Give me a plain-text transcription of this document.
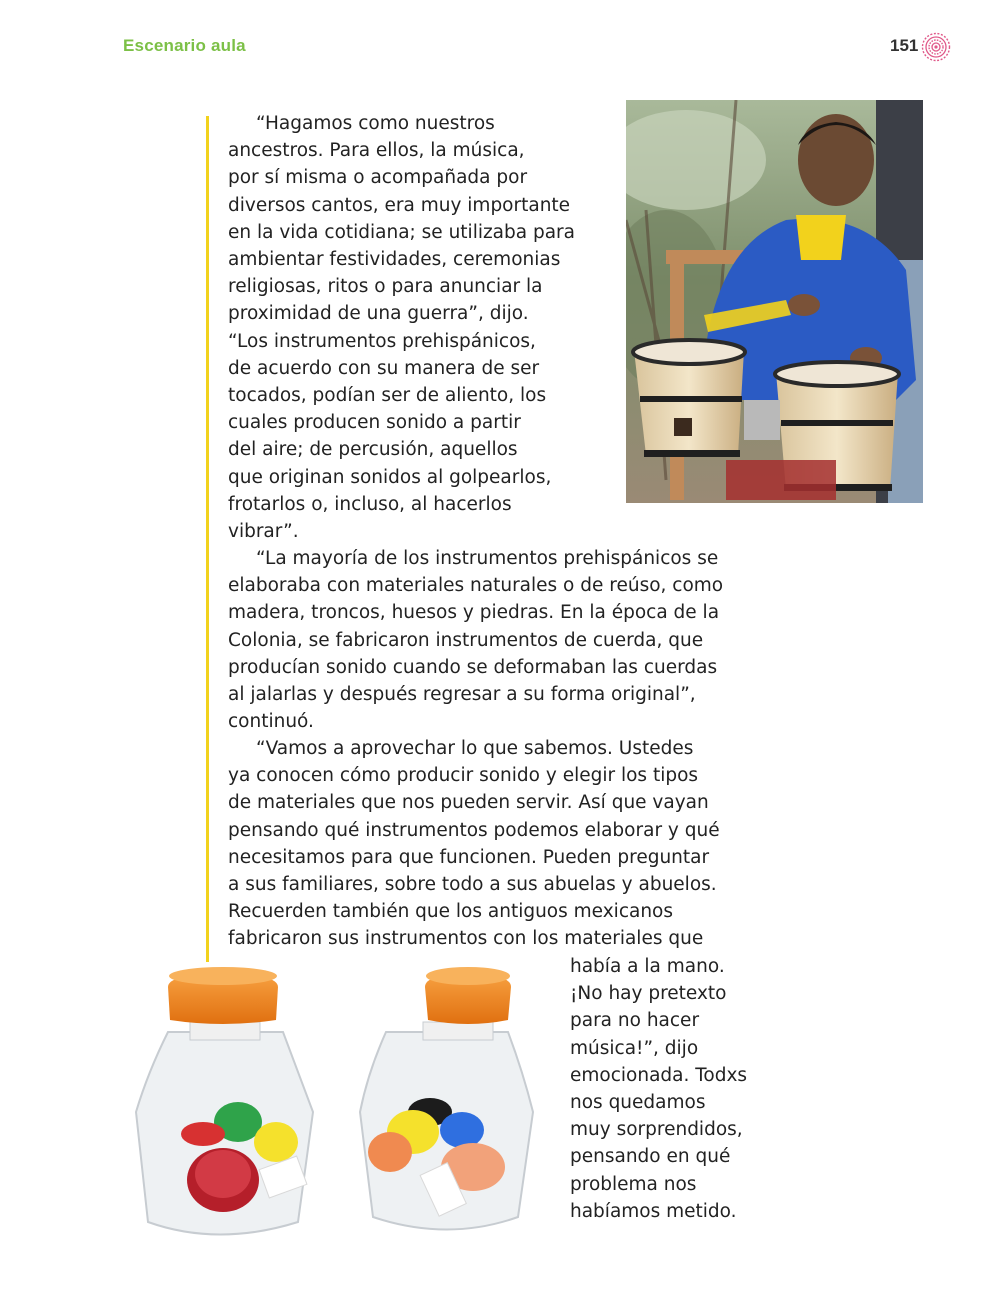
Escenario aula	151

“Hagamos como nuestros
ancestros. Para ellos, la música,
por sí misma o acompañada por
diversos cantos, era muy importante
en la vida cotidiana; se utilizaba para
ambientar festividades, ceremonias
religiosas, ritos o para anunciar la
proximidad de una guerra”, dijo.
“Los instrumentos prehispánicos,
de acuerdo con su manera de ser
tocados, podían ser de aliento, los
cuales producen sonido a partir
del aire; de percusión, aquellos
que originan sonidos al golpearlos,
frotarlos o, incluso, al hacerlos
vibrar”.

“La mayoría de los instrumentos prehispánicos se
elaboraba con materiales naturales o de reúso, como
madera, troncos, huesos y piedras. En la época de la
Colonia, se fabricaron instrumentos de cuerda, que
producían sonido cuando se deformaban las cuerdas
al jalarlas y después regresar a su forma original”,
continuó.

“Vamos a aprovechar lo que sabemos. Ustedes
ya conocen cómo producir sonido y elegir los tipos
de materiales que nos pueden servir. Así que vayan
pensando qué instrumentos podemos elaborar y qué
necesitamos para que funcionen. Pueden preguntar
a sus familiares, sobre todo a sus abuelas y abuelos.
Recuerden también que los antiguos mexicanos
fabricaron sus instrumentos con los materiales que

había a la mano.
¡No hay pretexto
para no hacer
música!”, dijo
emocionada. Todxs
nos quedamos
muy sorprendidos,
pensando en qué
problema nos
habíamos metido.
